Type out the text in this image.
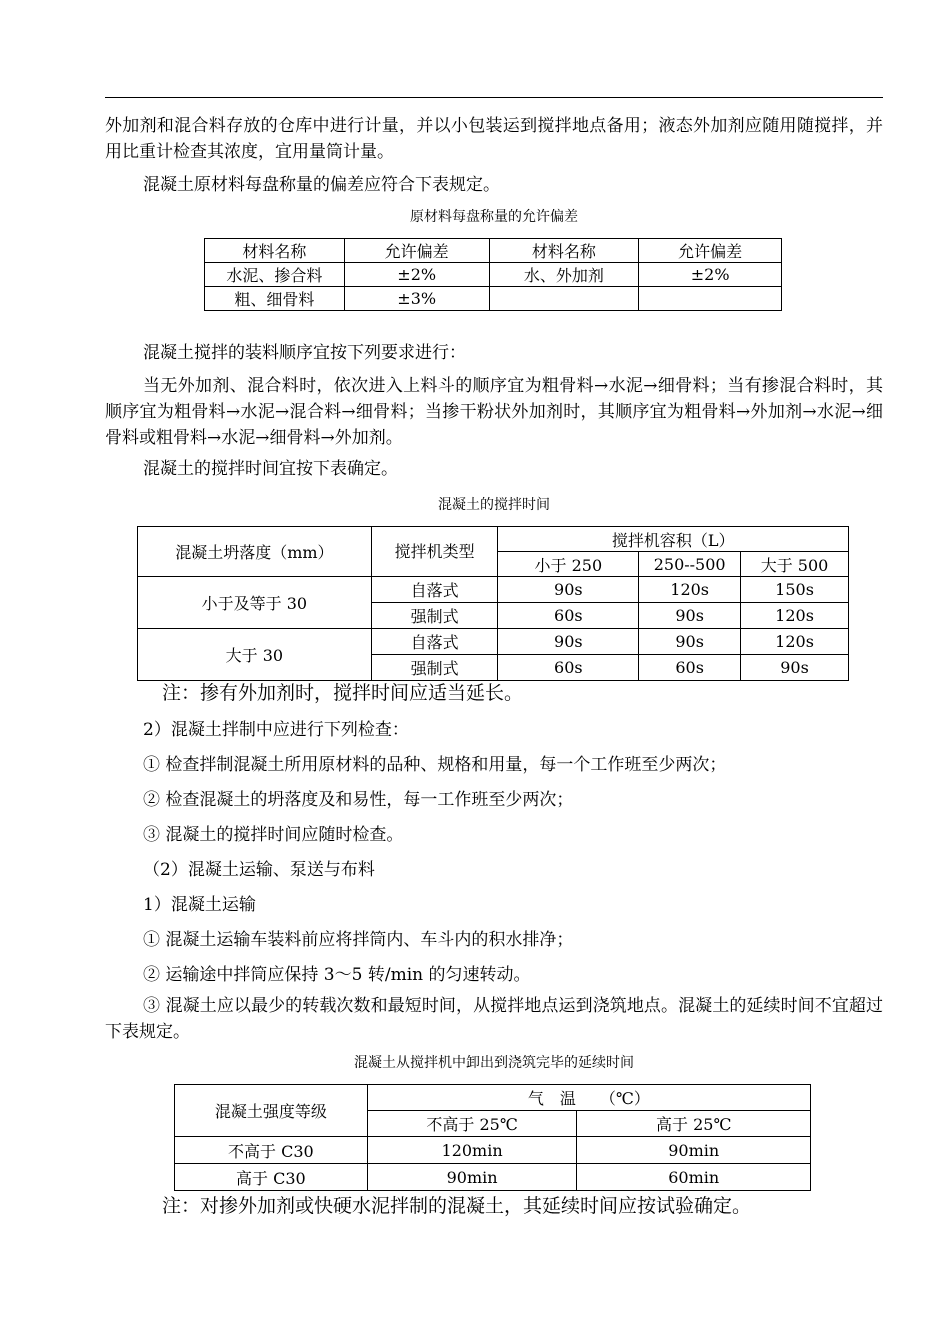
外加剂和混合料存放的仓库中进行计量，并以小包装运到搅拌地点备用；液态外加剂应随用随搅拌，并用比重计检查其浓度，宜用量筒计量。

混凝土原材料每盘称量的偏差应符合下表规定。

原材料每盘称量的允许偏差
材料名称	允许偏差	材料名称	允许偏差
水泥、掺合料	±2%	水、外加剂	±2%
粗、细骨料	±3%		

混凝土搅拌的装料顺序宜按下列要求进行：

当无外加剂、混合料时，依次进入上料斗的顺序宜为粗骨料→水泥→细骨料；当有掺混合料时，其顺序宜为粗骨料→水泥→混合料→细骨料；当掺干粉状外加剂时，其顺序宜为粗骨料→外加剂→水泥→细骨料或粗骨料→水泥→细骨料→外加剂。

混凝土的搅拌时间宜按下表确定。

混凝土的搅拌时间
混凝土坍落度（mm）	搅拌机类型	搅拌机容积（L）		
		小于 250	250--500	大于 500
小于及等于 30	自落式	90s	120s	150s
	强制式	60s	90s	120s
大于 30	自落式	90s	90s	120s
	强制式	60s	60s	90s
注：掺有外加剂时，搅拌时间应适当延长。

2）混凝土拌制中应进行下列检查：

① 检查拌制混凝土所用原材料的品种、规格和用量，每一个工作班至少两次；

② 检查混凝土的坍落度及和易性，每一工作班至少两次；

③ 混凝土的搅拌时间应随时检查。

（2）混凝土运输、泵送与布料

1）混凝土运输

① 混凝土运输车装料前应将拌筒内、车斗内的积水排净；

② 运输途中拌筒应保持 3～5 转/min 的匀速转动。

③ 混凝土应以最少的转载次数和最短时间，从搅拌地点运到浇筑地点。混凝土的延续时间不宜超过下表规定。

混凝土从搅拌机中卸出到浇筑完毕的延续时间
混凝土强度等级	气　温　　（℃）	
	不高于 25℃	高于 25℃
不高于 C30	120min	90min
高于 C30	90min	60min
注：对掺外加剂或快硬水泥拌制的混凝土，其延续时间应按试验确定。
